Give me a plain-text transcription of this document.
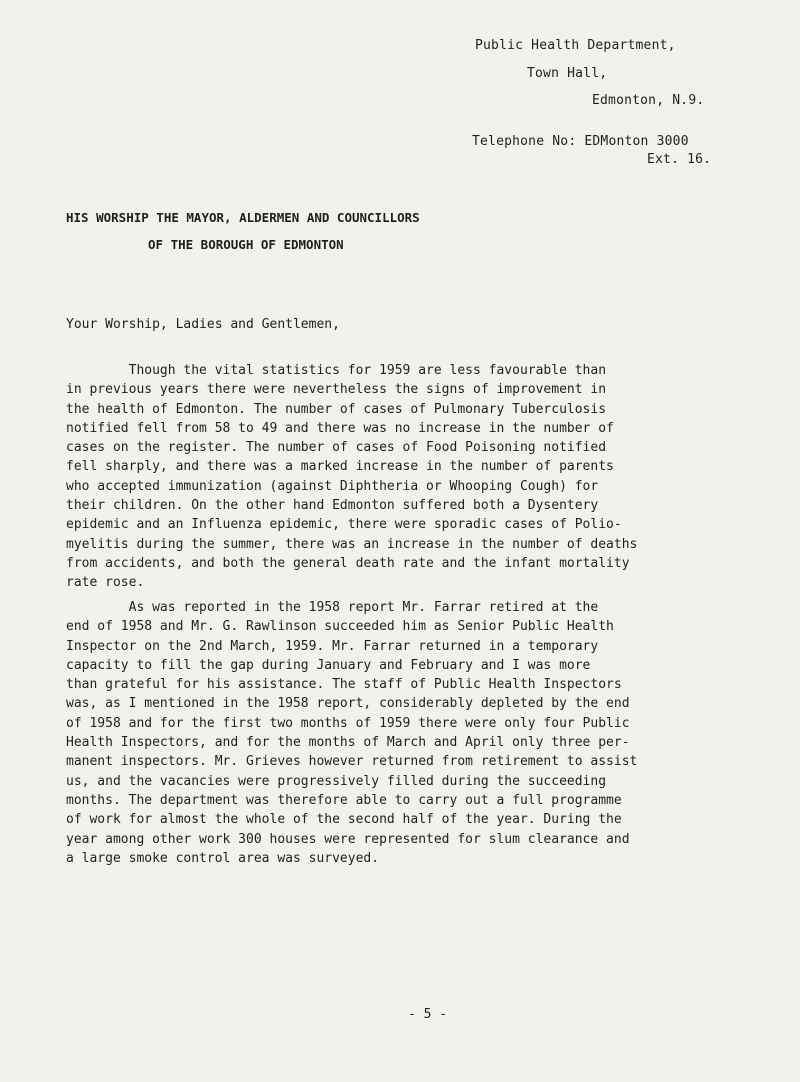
Public Health Department,
Town Hall,
Edmonton, N.9.
Telephone No: EDMonton 3000
Ext. 16.
HIS WORSHIP THE MAYOR, ALDERMEN AND COUNCILLORS
OF THE BOROUGH OF EDMONTON
Your Worship, Ladies and Gentlemen,
Though the vital statistics for 1959 are less favourable than
in previous years there were nevertheless the signs of improvement in
the health of Edmonton. The number of cases of Pulmonary Tuberculosis
notified fell from 58 to 49 and there was no increase in the number of
cases on the register. The number of cases of Food Poisoning notified
fell sharply, and there was a marked increase in the number of parents
who accepted immunization (against Diphtheria or Whooping Cough) for
their children. On the other hand Edmonton suffered both a Dysentery
epidemic and an Influenza epidemic, there were sporadic cases of Polio-
myelitis during the summer, there was an increase in the number of deaths
from accidents, and both the general death rate and the infant mortality
rate rose.
As was reported in the 1958 report Mr. Farrar retired at the
end of 1958 and Mr. G. Rawlinson succeeded him as Senior Public Health
Inspector on the 2nd March, 1959. Mr. Farrar returned in a temporary
capacity to fill the gap during January and February and I was more
than grateful for his assistance. The staff of Public Health Inspectors
was, as I mentioned in the 1958 report, considerably depleted by the end
of 1958 and for the first two months of 1959 there were only four Public
Health Inspectors, and for the months of March and April only three per-
manent inspectors. Mr. Grieves however returned from retirement to assist
us, and the vacancies were progressively filled during the succeeding
months. The department was therefore able to carry out a full programme
of work for almost the whole of the second half of the year. During the
year among other work 300 houses were represented for slum clearance and
a large smoke control area was surveyed.
- 5 -
